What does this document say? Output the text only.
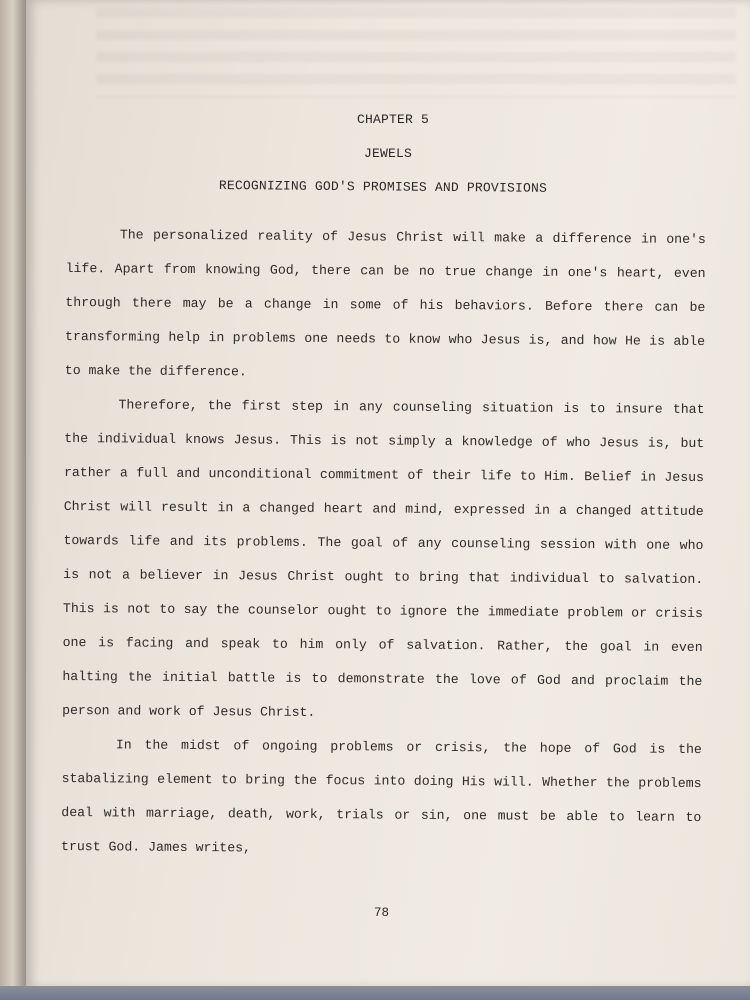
CHAPTER 5
JEWELS
RECOGNIZING GOD'S PROMISES AND PROVISIONS

The personalized reality of Jesus Christ will make a difference in one's life. Apart from knowing God, there can be no true change in one's heart, even through there may be a change in some of his behaviors. Before there can be transforming help in problems one needs to know who Jesus is, and how He is able to make the difference.

Therefore, the first step in any counseling situation is to insure that the individual knows Jesus. This is not simply a knowledge of who Jesus is, but rather a full and unconditional commitment of their life to Him. Belief in Jesus Christ will result in a changed heart and mind, expressed in a changed attitude towards life and its problems. The goal of any counseling session with one who is not a believer in Jesus Christ ought to bring that individual to salvation. This is not to say the counselor ought to ignore the immediate problem or crisis one is facing and speak to him only of salvation. Rather, the goal in even halting the initial battle is to demonstrate the love of God and proclaim the person and work of Jesus Christ.

In the midst of ongoing problems or crisis, the hope of God is the stabalizing element to bring the focus into doing His will. Whether the problems deal with marriage, death, work, trials or sin, one must be able to learn to trust God. James writes,

78
